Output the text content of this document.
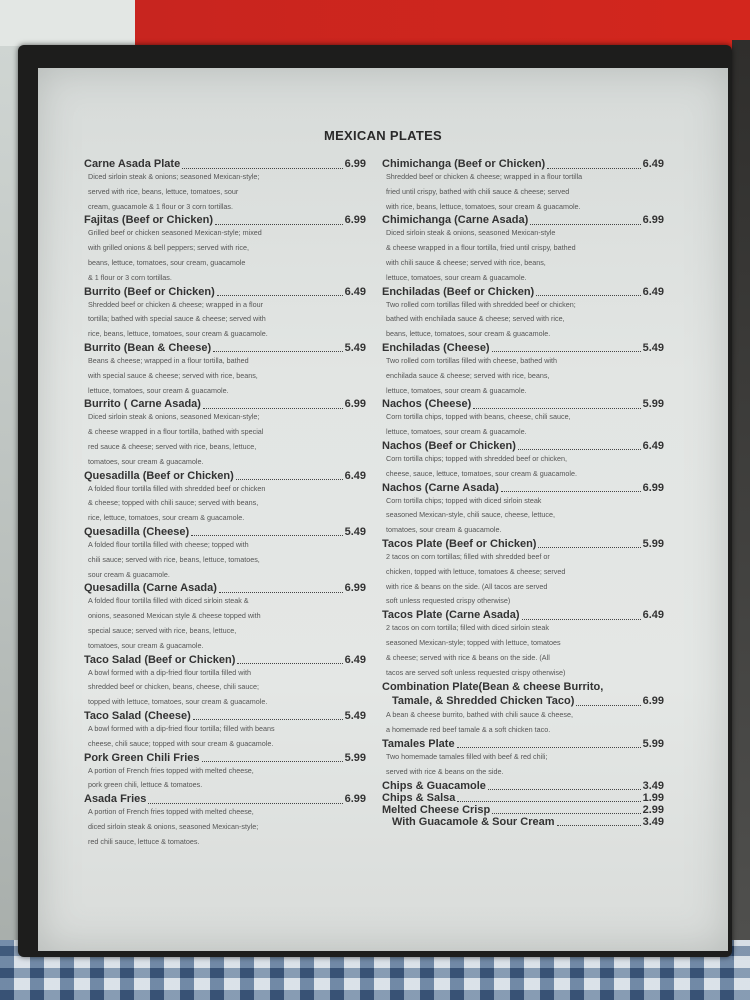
MEXICAN PLATES
Carne Asada Plate	6.99
Diced sirloin steak & onions; seasoned Mexican-style;
served with rice, beans, lettuce, tomatoes, sour
cream, guacamole & 1 flour or 3 corn tortillas.
Fajitas (Beef or Chicken)	6.99
Grilled beef or chicken seasoned Mexican-style; mixed
with grilled onions & bell peppers; served with rice,
beans, lettuce, tomatoes, sour cream, guacamole
& 1 flour or 3 corn tortillas.
Burrito (Beef or Chicken)	6.49
Shredded beef or chicken & cheese; wrapped in a flour
tortilla; bathed with special sauce & cheese; served with
rice, beans, lettuce, tomatoes, sour cream & guacamole.
Burrito (Bean & Cheese)	5.49
Beans & cheese; wrapped in a flour tortilla, bathed
with special sauce & cheese; served with rice, beans,
lettuce, tomatoes, sour cream & guacamole.
Burrito ( Carne Asada)	6.99
Diced sirloin steak & onions, seasoned Mexican-style;
& cheese wrapped in a flour tortilla, bathed with special
red sauce & cheese; served with rice, beans, lettuce,
tomatoes, sour cream & guacamole.
Quesadilla (Beef or Chicken)	6.49
A folded flour tortilla filled with shredded beef or chicken
& cheese; topped with chili sauce; served with beans,
rice, lettuce, tomatoes, sour cream & guacamole.
Quesadilla (Cheese)	5.49
A folded flour tortilla filled with cheese; topped with
chili sauce; served with rice, beans, lettuce, tomatoes,
sour cream & guacamole.
Quesadilla (Carne Asada)	6.99
A folded flour tortilla filled with diced sirloin steak &
onions, seasoned Mexican style & cheese topped with
special sauce; served with rice, beans, lettuce,
tomatoes, sour cream & guacamole.
Taco Salad (Beef or Chicken)	6.49
A bowl formed with a dip-fried flour tortilla filled with
shredded beef or chicken, beans, cheese, chili sauce;
topped with lettuce, tomatoes, sour cream & guacamole.
Taco Salad (Cheese)	5.49
A bowl formed with a dip-fried flour tortilla; filled with beans
cheese, chili sauce; topped with sour cream & guacamole.
Pork Green Chili Fries	5.99
A portion of French fries topped with melted cheese,
pork green chili, lettuce & tomatoes.
Asada Fries	6.99
A portion of French fries topped with melted cheese,
diced sirloin steak & onions, seasoned Mexican-style;
red chili sauce, lettuce & tomatoes.
Chimichanga (Beef or Chicken)	6.49
Shredded beef or chicken & cheese; wrapped in a flour tortilla
fried until crispy, bathed with chili sauce & cheese; served
with rice, beans, lettuce, tomatoes, sour cream & guacamole.
Chimichanga (Carne Asada)	6.99
Diced sirloin steak & onions, seasoned Mexican-style
& cheese wrapped in a flour tortilla, fried until crispy, bathed
with chili sauce & cheese; served with rice, beans,
lettuce, tomatoes, sour cream & guacamole.
Enchiladas (Beef or Chicken)	6.49
Two rolled corn tortillas filled with shredded beef or chicken;
bathed with enchilada sauce & cheese; served with rice,
beans, lettuce, tomatoes, sour cream & guacamole.
Enchiladas (Cheese)	5.49
Two rolled corn tortillas filled with cheese, bathed with
enchilada sauce & cheese; served with rice, beans,
lettuce, tomatoes, sour cream & guacamole.
Nachos (Cheese)	5.99
Corn tortilla chips, topped with beans, cheese, chili sauce,
lettuce, tomatoes, sour cream & guacamole.
Nachos (Beef or Chicken)	6.49
Corn tortilla chips; topped with shredded beef or chicken,
cheese, sauce, lettuce, tomatoes, sour cream & guacamole.
Nachos (Carne Asada)	6.99
Corn tortilla chips; topped with diced sirloin steak
seasoned Mexican-style, chili sauce, cheese, lettuce,
tomatoes, sour cream & guacamole.
Tacos Plate (Beef or Chicken)	5.99
2 tacos on corn tortillas; filled with shredded beef or
chicken, topped with lettuce, tomatoes & cheese; served
with rice & beans on the side. (All tacos are served
soft unless requested crispy otherwise)
Tacos Plate (Carne Asada)	6.49
2 tacos on corn tortilla; filled with diced sirloin steak
seasoned Mexican-style; topped with lettuce, tomatoes
& cheese; served with rice & beans on the side. (All
tacos are served soft unless requested crispy otherwise)
Combination Plate(Bean & cheese Burrito,
Tamale, & Shredded Chicken Taco)	6.99
A bean & cheese burrito, bathed with chili sauce & cheese,
a homemade red beef tamale & a soft chicken taco.
Tamales Plate	5.99
Two homemade tamales filled with beef & red chili;
served with rice & beans on the side.
Chips & Guacamole	3.49
Chips & Salsa	1.99
Melted Cheese Crisp	2.99
With Guacamole & Sour Cream	3.49
